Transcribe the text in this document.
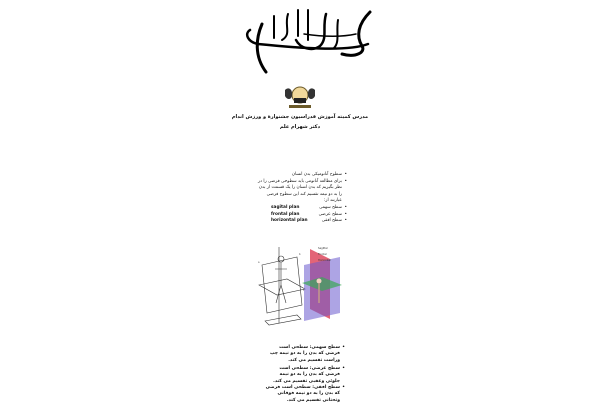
مدرس کمیته آموزش فدراسیون جشنوارۀ و ورزش اندام
دکتر شهرام علم
• سطوح آناتومیکی بدن انسان
• برای مطالعه آناتومی باید سطوحی فرضی را در نظر بگیریم که بدن انسان را یک قسمت از بدن را به دو نیمه تقسیم کند این سطوح فرضی عبارتند از:
سطح سهمی •
sagital plan
سطح عرضی •
frontal plan
سطح افقی •
horizontal plan
a
b
c
Sagittal
Frontal
Horizontal
•
سطح سهمی: سطحی است فرضی که بدن را به دو نیمه چپ وراست تقسیم می کند.
•
سطح عرضی: سطحی است فرضی که بدن را به دو نیمه جلوئی وعقبی تقسیم می کند.
•
سطح افقی: سطحی است فرضی که بدن را به دو نیمه فوقانی وتحتانی تقسیم می کند.
